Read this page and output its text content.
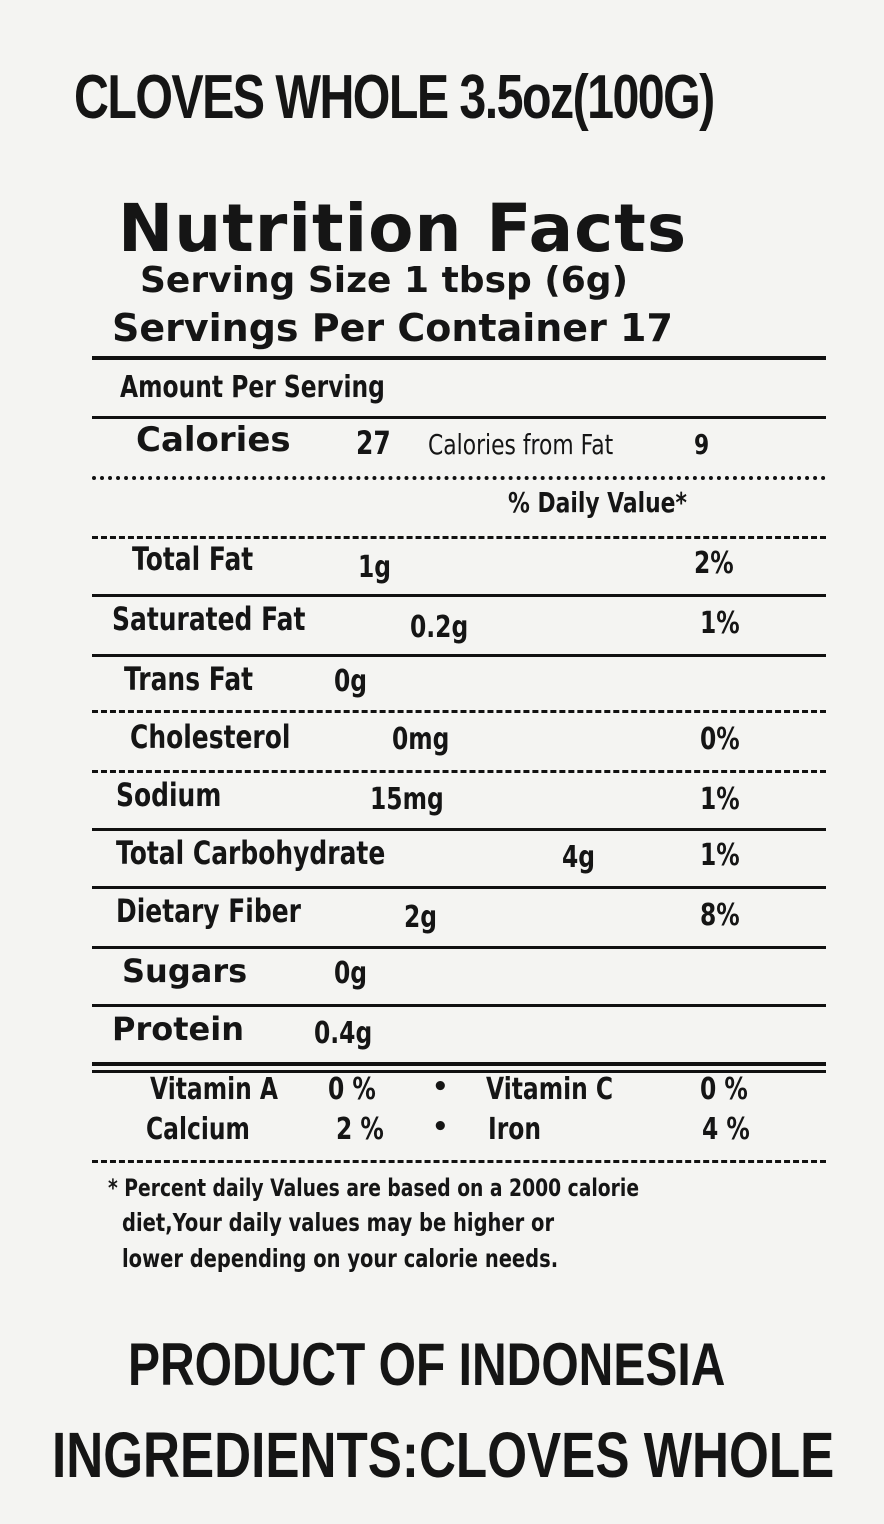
CLOVES WHOLE 3.5oz(100G)
Nutrition Facts
Serving Size 1 tbsp (6g)
Servings Per Container 17
Amount Per Serving
Calories 27 Calories from Fat	9
% Daily Value*
Total Fat	1g	2%
Saturated Fat	0.2g	1%
Trans Fat	0g
Cholesterol	0mg	0%
Sodium	15mg	1%
Total Carbohydrate	4g	1%
Dietary Fiber	2g	8%
Sugars	0g
Protein 0.4g
Vitamin A 0 % • Vitamin C	0 %
Calcium	2 % • Iron	4 %
* Percent daily Values are based on a 2000 calorie
diet,Your daily values may be higher or
lower depending on your calorie needs.
PRODUCT OF INDONESIA
INGREDIENTS:CLOVES WHOLE
